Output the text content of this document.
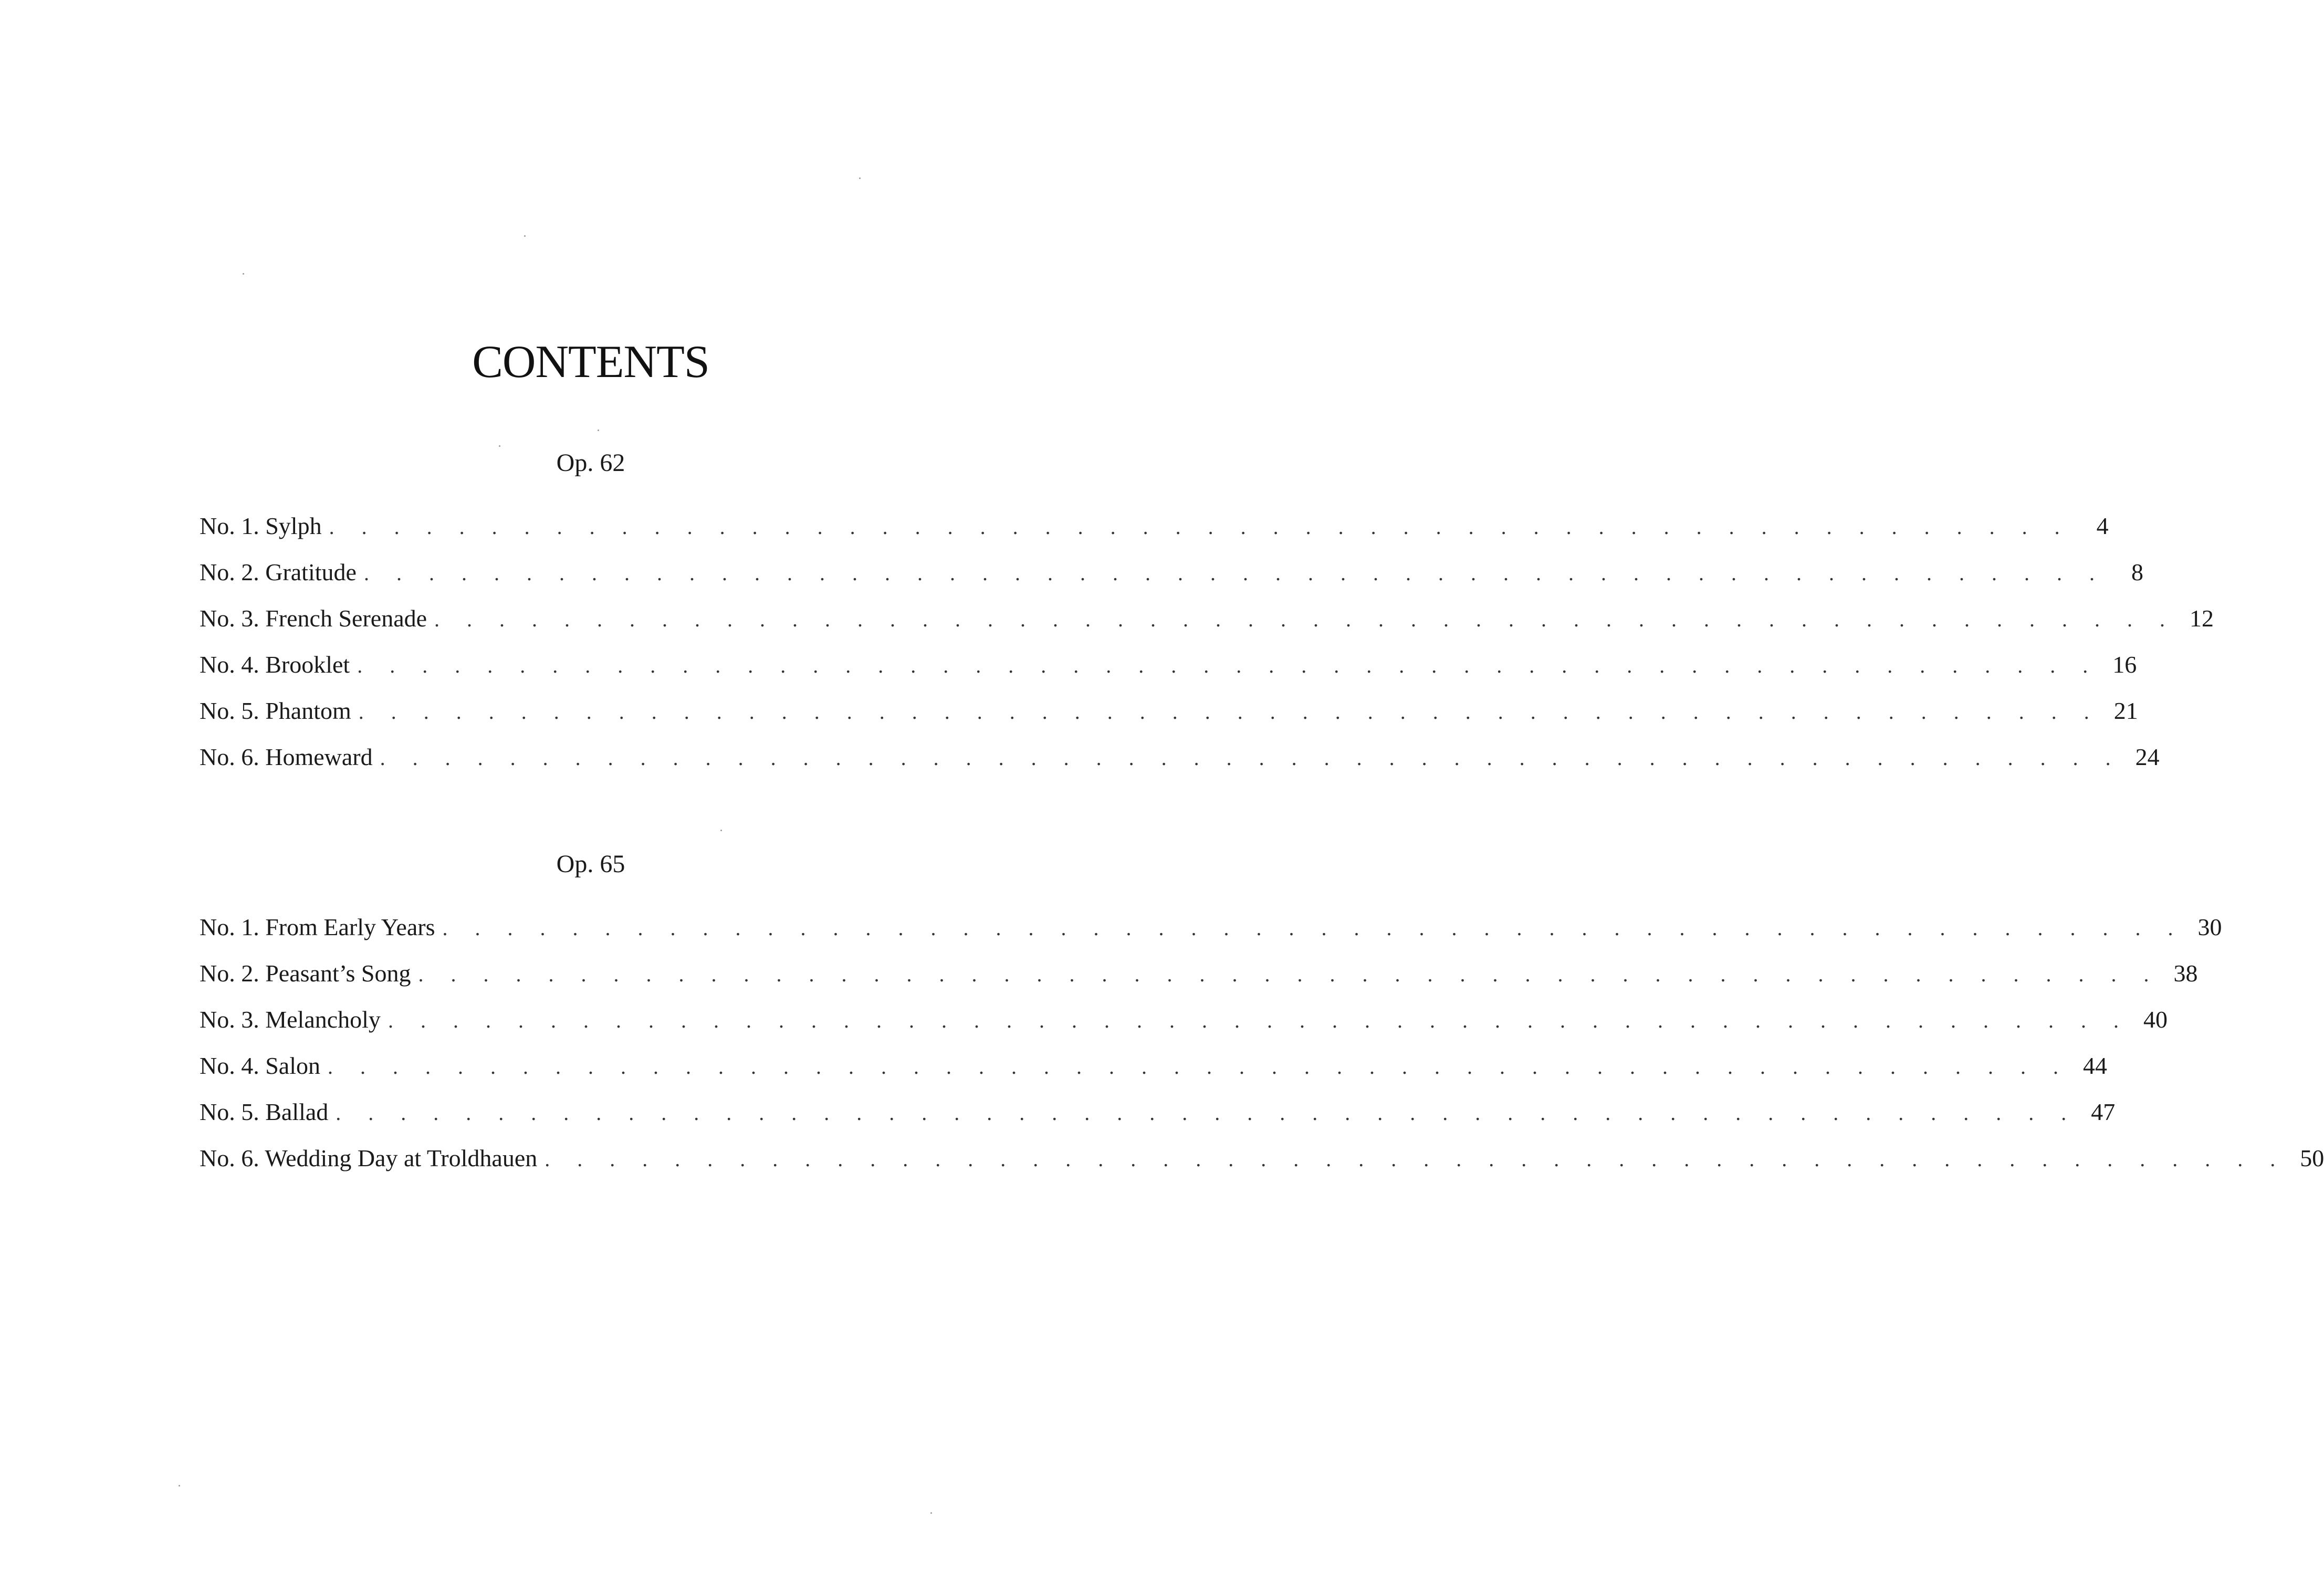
CONTENTS
Op. 62
No. 1. Sylph . . . . . . . . . . . . . . . . . . . . . . . . . . . . . . . . . . . . . . . . . . . . . . . . . . . . . .	4
No. 2. Gratitude . . . . . . . . . . . . . . . . . . . . . . . . . . . . . . . . . . . . . . . . . . . . . . . . . . . . . .	8
No. 3. French Serenade . . . . . . . . . . . . . . . . . . . . . . . . . . . . . . . . . . . . . . . . . . . . . . . . . . . . . . 12
No. 4. Brooklet . . . . . . . . . . . . . . . . . . . . . . . . . . . . . . . . . . . . . . . . . . . . . . . . . . . . . . 16
No. 5. Phantom . . . . . . . . . . . . . . . . . . . . . . . . . . . . . . . . . . . . . . . . . . . . . . . . . . . . . . 21
No. 6. Homeward . . . . . . . . . . . . . . . . . . . . . . . . . . . . . . . . . . . . . . . . . . . . . . . . . . . . . . 24
Op. 65
No. 1. From Early Years . . . . . . . . . . . . . . . . . . . . . . . . . . . . . . . . . . . . . . . . . . . . . . . . . . . . . . 30
No. 2. Peasant’s Song . . . . . . . . . . . . . . . . . . . . . . . . . . . . . . . . . . . . . . . . . . . . . . . . . . . . . . 38
No. 3. Melancholy . . . . . . . . . . . . . . . . . . . . . . . . . . . . . . . . . . . . . . . . . . . . . . . . . . . . . . 40
No. 4. Salon . . . . . . . . . . . . . . . . . . . . . . . . . . . . . . . . . . . . . . . . . . . . . . . . . . . . . . 44
No. 5. Ballad . . . . . . . . . . . . . . . . . . . . . . . . . . . . . . . . . . . . . . . . . . . . . . . . . . . . . . 47
No. 6. Wedding Day at Troldhauen . . . . . . . . . . . . . . . . . . . . . . . . . . . . . . . . . . . . . . . . . . . . . . . . . . . . . . 50
